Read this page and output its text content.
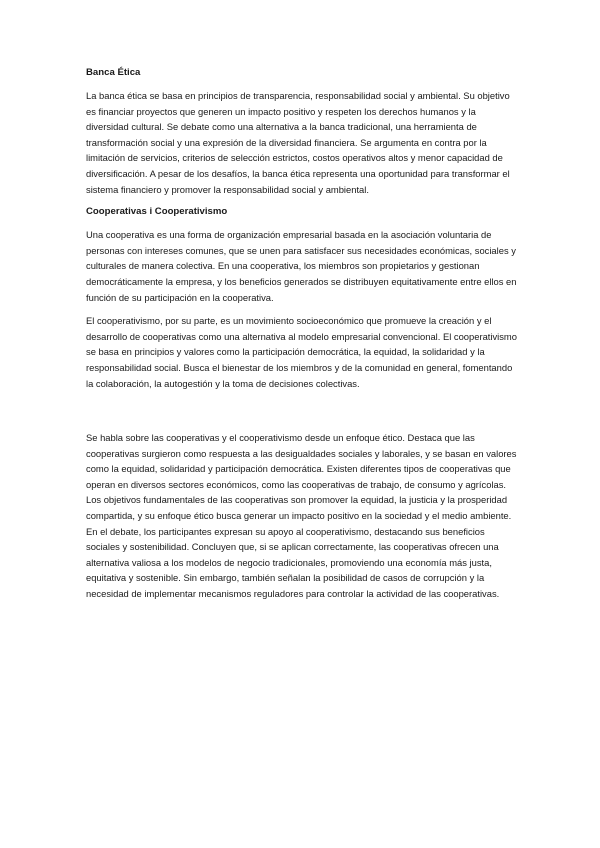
Banca Ética

La banca ética se basa en principios de transparencia, responsabilidad social y ambiental. Su objetivo es financiar proyectos que generen un impacto positivo y respeten los derechos humanos y la diversidad cultural. Se debate como una alternativa a la banca tradicional, una herramienta de transformación social y una expresión de la diversidad financiera. Se argumenta en contra por la limitación de servicios, criterios de selección estrictos, costos operativos altos y menor capacidad de diversificación. A pesar de los desafíos, la banca ética representa una oportunidad para transformar el sistema financiero y promover la responsabilidad social y ambiental.

Cooperativas i Cooperativismo

Una cooperativa es una forma de organización empresarial basada en la asociación voluntaria de personas con intereses comunes, que se unen para satisfacer sus necesidades económicas, sociales y culturales de manera colectiva. En una cooperativa, los miembros son propietarios y gestionan democráticamente la empresa, y los beneficios generados se distribuyen equitativamente entre ellos en función de su participación en la cooperativa.

El cooperativismo, por su parte, es un movimiento socioeconómico que promueve la creación y el desarrollo de cooperativas como una alternativa al modelo empresarial convencional. El cooperativismo se basa en principios y valores como la participación democrática, la equidad, la solidaridad y la responsabilidad social. Busca el bienestar de los miembros y de la comunidad en general, fomentando la colaboración, la autogestión y la toma de decisiones colectivas.

Se habla sobre las cooperativas y el cooperativismo desde un enfoque ético. Destaca que las cooperativas surgieron como respuesta a las desigualdades sociales y laborales, y se basan en valores como la equidad, solidaridad y participación democrática. Existen diferentes tipos de cooperativas que operan en diversos sectores económicos, como las cooperativas de trabajo, de consumo y agrícolas. Los objetivos fundamentales de las cooperativas son promover la equidad, la justicia y la prosperidad compartida, y su enfoque ético busca generar un impacto positivo en la sociedad y el medio ambiente. En el debate, los participantes expresan su apoyo al cooperativismo, destacando sus beneficios sociales y sostenibilidad. Concluyen que, si se aplican correctamente, las cooperativas ofrecen una alternativa valiosa a los modelos de negocio tradicionales, promoviendo una economía más justa, equitativa y sostenible. Sin embargo, también señalan la posibilidad de casos de corrupción y la necesidad de implementar mecanismos reguladores para controlar la actividad de las cooperativas.
